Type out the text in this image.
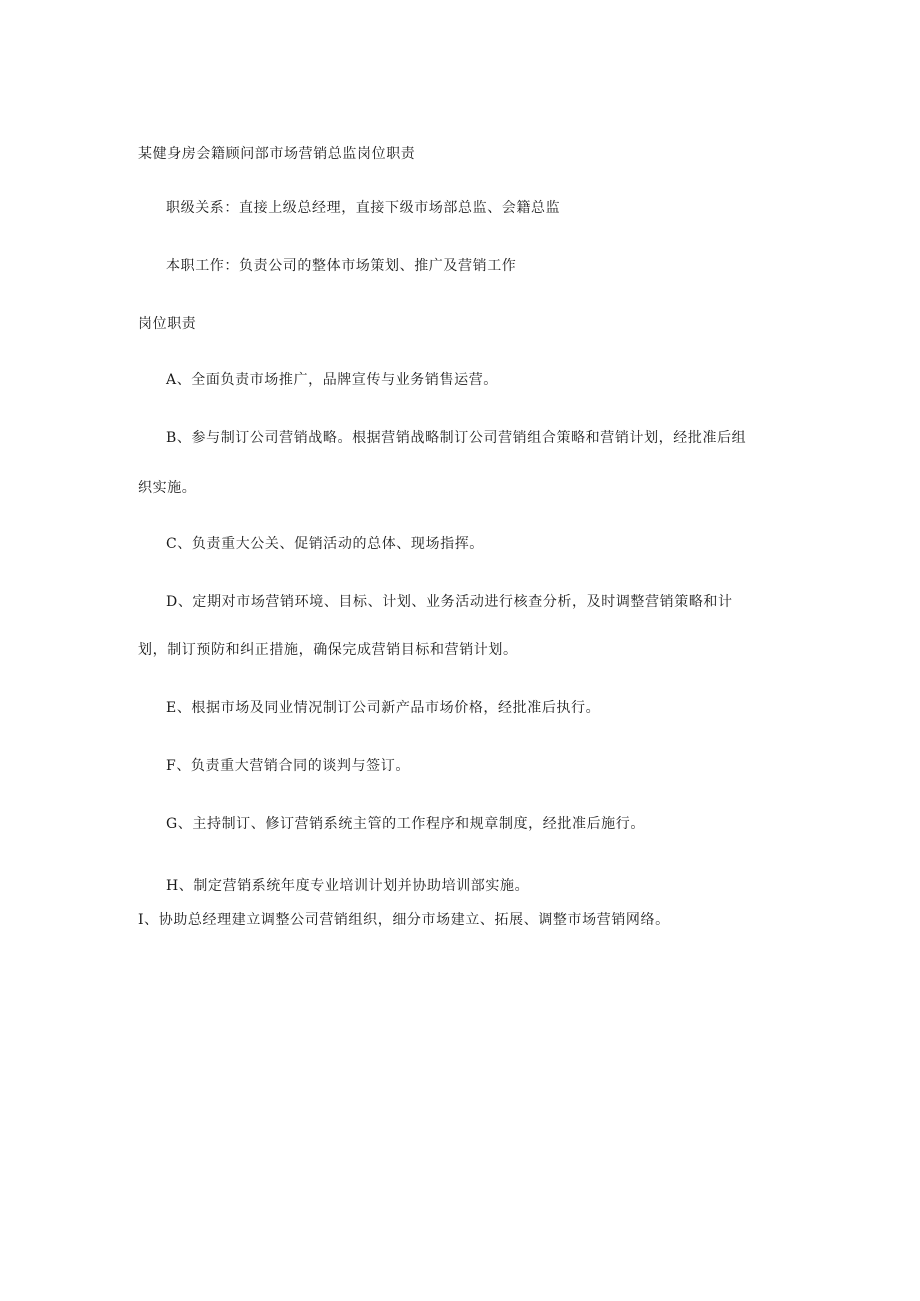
某健身房会籍顾问部市场营销总监岗位职责
职级关系：直接上级总经理，直接下级市场部总监、会籍总监
本职工作：负责公司的整体市场策划、推广及营销工作
岗位职责
A、全面负责市场推广，品牌宣传与业务销售运营。
B、参与制订公司营销战略。根据营销战略制订公司营销组合策略和营销计划，经批准后组
织实施。
C、负责重大公关、促销活动的总体、现场指挥。
D、定期对市场营销环境、目标、计划、业务活动进行核查分析，及时调整营销策略和计
划，制订预防和纠正措施，确保完成营销目标和营销计划。
E、根据市场及同业情况制订公司新产品市场价格，经批准后执行。
F、负责重大营销合同的谈判与签订。
G、主持制订、修订营销系统主管的工作程序和规章制度，经批准后施行。
H、制定营销系统年度专业培训计划并协助培训部实施。
I、协助总经理建立调整公司营销组织，细分市场建立、拓展、调整市场营销网络。
